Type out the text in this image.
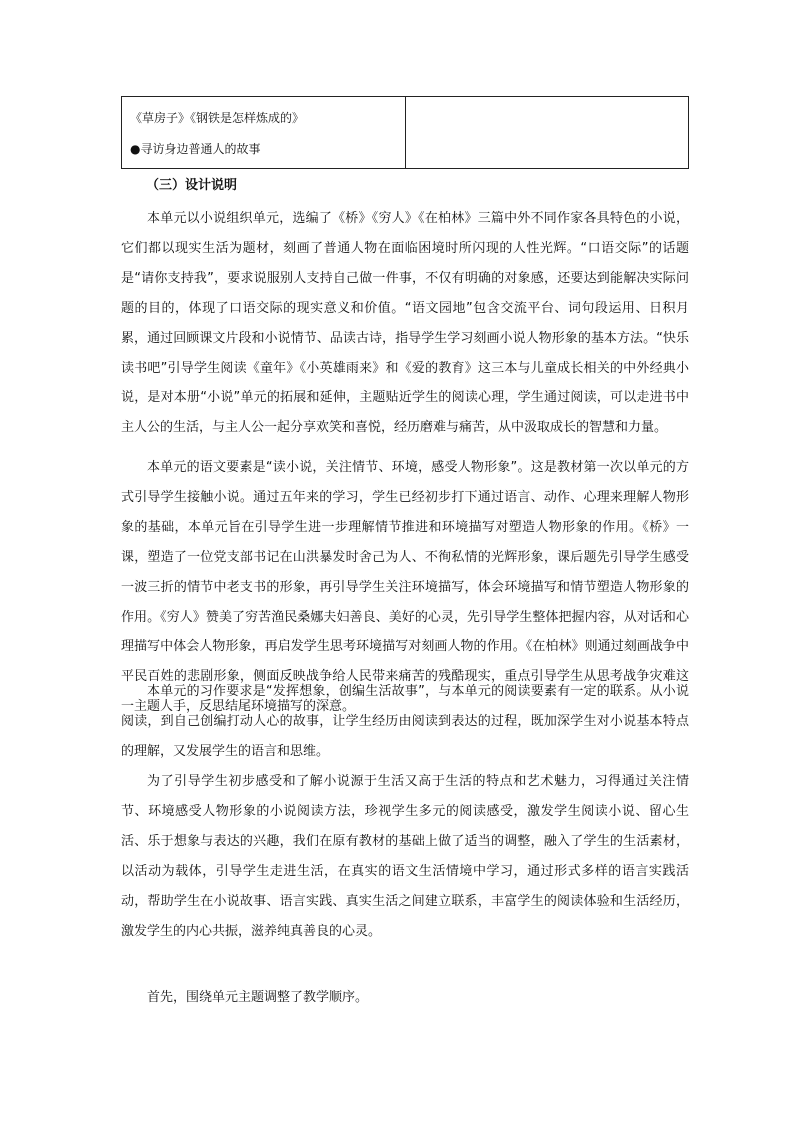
《草房子》《钢铁是怎样炼成的》
●寻访身边普通人的故事
（三）设计说明
本单元以小说组织单元，选编了《桥》《穷人》《在柏林》三篇中外不同作家各具特色的小说，它们都以现实生活为题材，刻画了普通人物在面临困境时所闪现的人性光辉。“口语交际”的话题是“请你支持我”，要求说服别人支持自己做一件事，不仅有明确的对象感，还要达到能解决实际问题的目的，体现了口语交际的现实意义和价值。“语文园地”包含交流平台、词句段运用、日积月累，通过回顾课文片段和小说情节、品读古诗，指导学生学习刻画小说人物形象的基本方法。“快乐读书吧”引导学生阅读《童年》《小英雄雨来》和《爱的教育》这三本与儿童成长相关的中外经典小说，是对本册“小说”单元的拓展和延伸，主题贴近学生的阅读心理，学生通过阅读，可以走进书中主人公的生活，与主人公一起分享欢笑和喜悦，经历磨难与痛苦，从中汲取成长的智慧和力量。
本单元的语文要素是“读小说，关注情节、环境，感受人物形象”。这是教材第一次以单元的方式引导学生接触小说。通过五年来的学习，学生已经初步打下通过语言、动作、心理来理解人物形象的基础，本单元旨在引导学生进一步理解情节推进和环境描写对塑造人物形象的作用。《桥》一课，塑造了一位党支部书记在山洪暴发时舍己为人、不徇私情的光辉形象，课后题先引导学生感受一波三折的情节中老支书的形象，再引导学生关注环境描写，体会环境描写和情节塑造人物形象的作用。《穷人》赞美了穷苦渔民桑娜夫妇善良、美好的心灵，先引导学生整体把握内容，从对话和心理描写中体会人物形象，再启发学生思考环境描写对刻画人物的作用。《在柏林》则通过刻画战争中平民百姓的悲剧形象，侧面反映战争给人民带来痛苦的残酷现实，重点引导学生从思考战争灾难这一主题人手，反思结尾环境描写的深意。
本单元的习作要求是“发挥想象，创编生活故事”，与本单元的阅读要素有一定的联系。从小说阅读，到自己创编打动人心的故事，让学生经历由阅读到表达的过程，既加深学生对小说基本特点的理解，又发展学生的语言和思维。
为了引导学生初步感受和了解小说源于生活又高于生活的特点和艺术魅力，习得通过关注情节、环境感受人物形象的小说阅读方法，珍视学生多元的阅读感受，激发学生阅读小说、留心生活、乐于想象与表达的兴趣，我们在原有教材的基础上做了适当的调整，融入了学生的生活素材，以活动为载体，引导学生走进生活，在真实的语文生活情境中学习，通过形式多样的语言实践活动，帮助学生在小说故事、语言实践、真实生活之间建立联系，丰富学生的阅读体验和生活经历，激发学生的内心共振，滋养纯真善良的心灵。
首先，围绕单元主题调整了教学顺序。
